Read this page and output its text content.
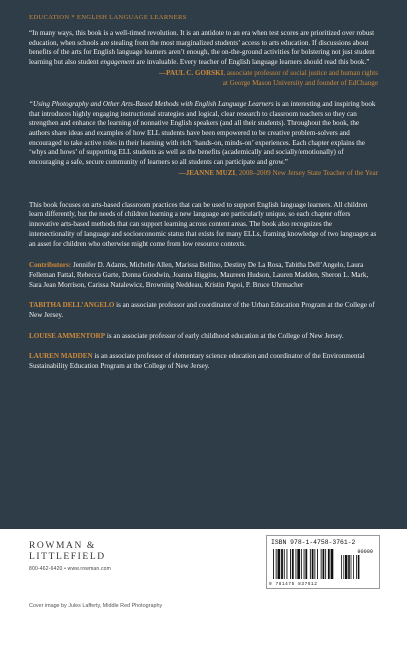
EDUCATION * ENGLISH LANGUAGE LEARNERS

“In many ways, this book is a well-timed revolution. It is an antidote to an era when test scores are prioritized over robust education, when schools are stealing from the most marginalized students’ access to arts education. If discussions about benefits of the arts for English language learners aren’t enough, the on-the-ground activities for bolstering not just student learning but also student engagement are invaluable. Every teacher of English language learners should read this book.”

—PAUL C. GORSKI, associate professor of social justice and human rights
at George Mason University and founder of EdChange

“Using Photography and Other Arts-Based Methods with English Language Learners is an interesting and inspiring book that introduces highly engaging instructional strategies and logical, clear research to classroom teachers so they can strengthen and enhance the learning of nonnative English speakers (and all their students). Throughout the book, the authors share ideas and examples of how ELL students have been empowered to be creative problem-solvers and encouraged to take active roles in their learning with rich ‘hands-on, minds-on’ experiences. Each chapter explains the ‘whys and hows’ of supporting ELL students as well as the benefits (academically and socially/emotionally) of encouraging a safe, secure community of learners so all students can participate and grow.”

—JEANNE MUZI, 2008–2009 New Jersey State Teacher of the Year

This book focuses on arts-based classroom practices that can be used to support English language learners. All children learn differently, but the needs of children learning a new language are particularly unique, so each chapter offers innovative arts-based methods that can support learning across content areas. The book also recognizes the intersectionality of language and socioeconomic status that exists for many ELLs, framing knowledge of two languages as an asset for children who otherwise might come from low resource contexts.

Contributors: Jennifer D. Adams, Michelle Allen, Marissa Bellino, Destiny De La Rosa, Tabitha Dell’Angelo, Laura Felleman Fattal, Rebecca Garte, Donna Goodwin, Joanna Higgins, Maureen Hudson, Lauren Madden, Sheron L. Mark, Sara Jean Morrison, Carissa Natalewicz, Browning Neddeau, Kristin Papoi, P. Bruce Uhrmacher

TABITHA DELL’ANGELO is an associate professor and coordinator of the Urban Education Program at the College of New Jersey.

LOUISE AMMENTORP is an associate professor of early childhood education at the College of New Jersey.

LAUREN MADDEN is an associate professor of elementary science education and coordinator of the Environmental Sustainability Education Program at the College of New Jersey.

ROWMAN &
LITTLEFIELD
800-462-6420 • www.rowman.com
ISBN 978-1-4758-3761-2
90000
9 781475 837612
Cover image by Jules Lafferty, Middle Red Photography
